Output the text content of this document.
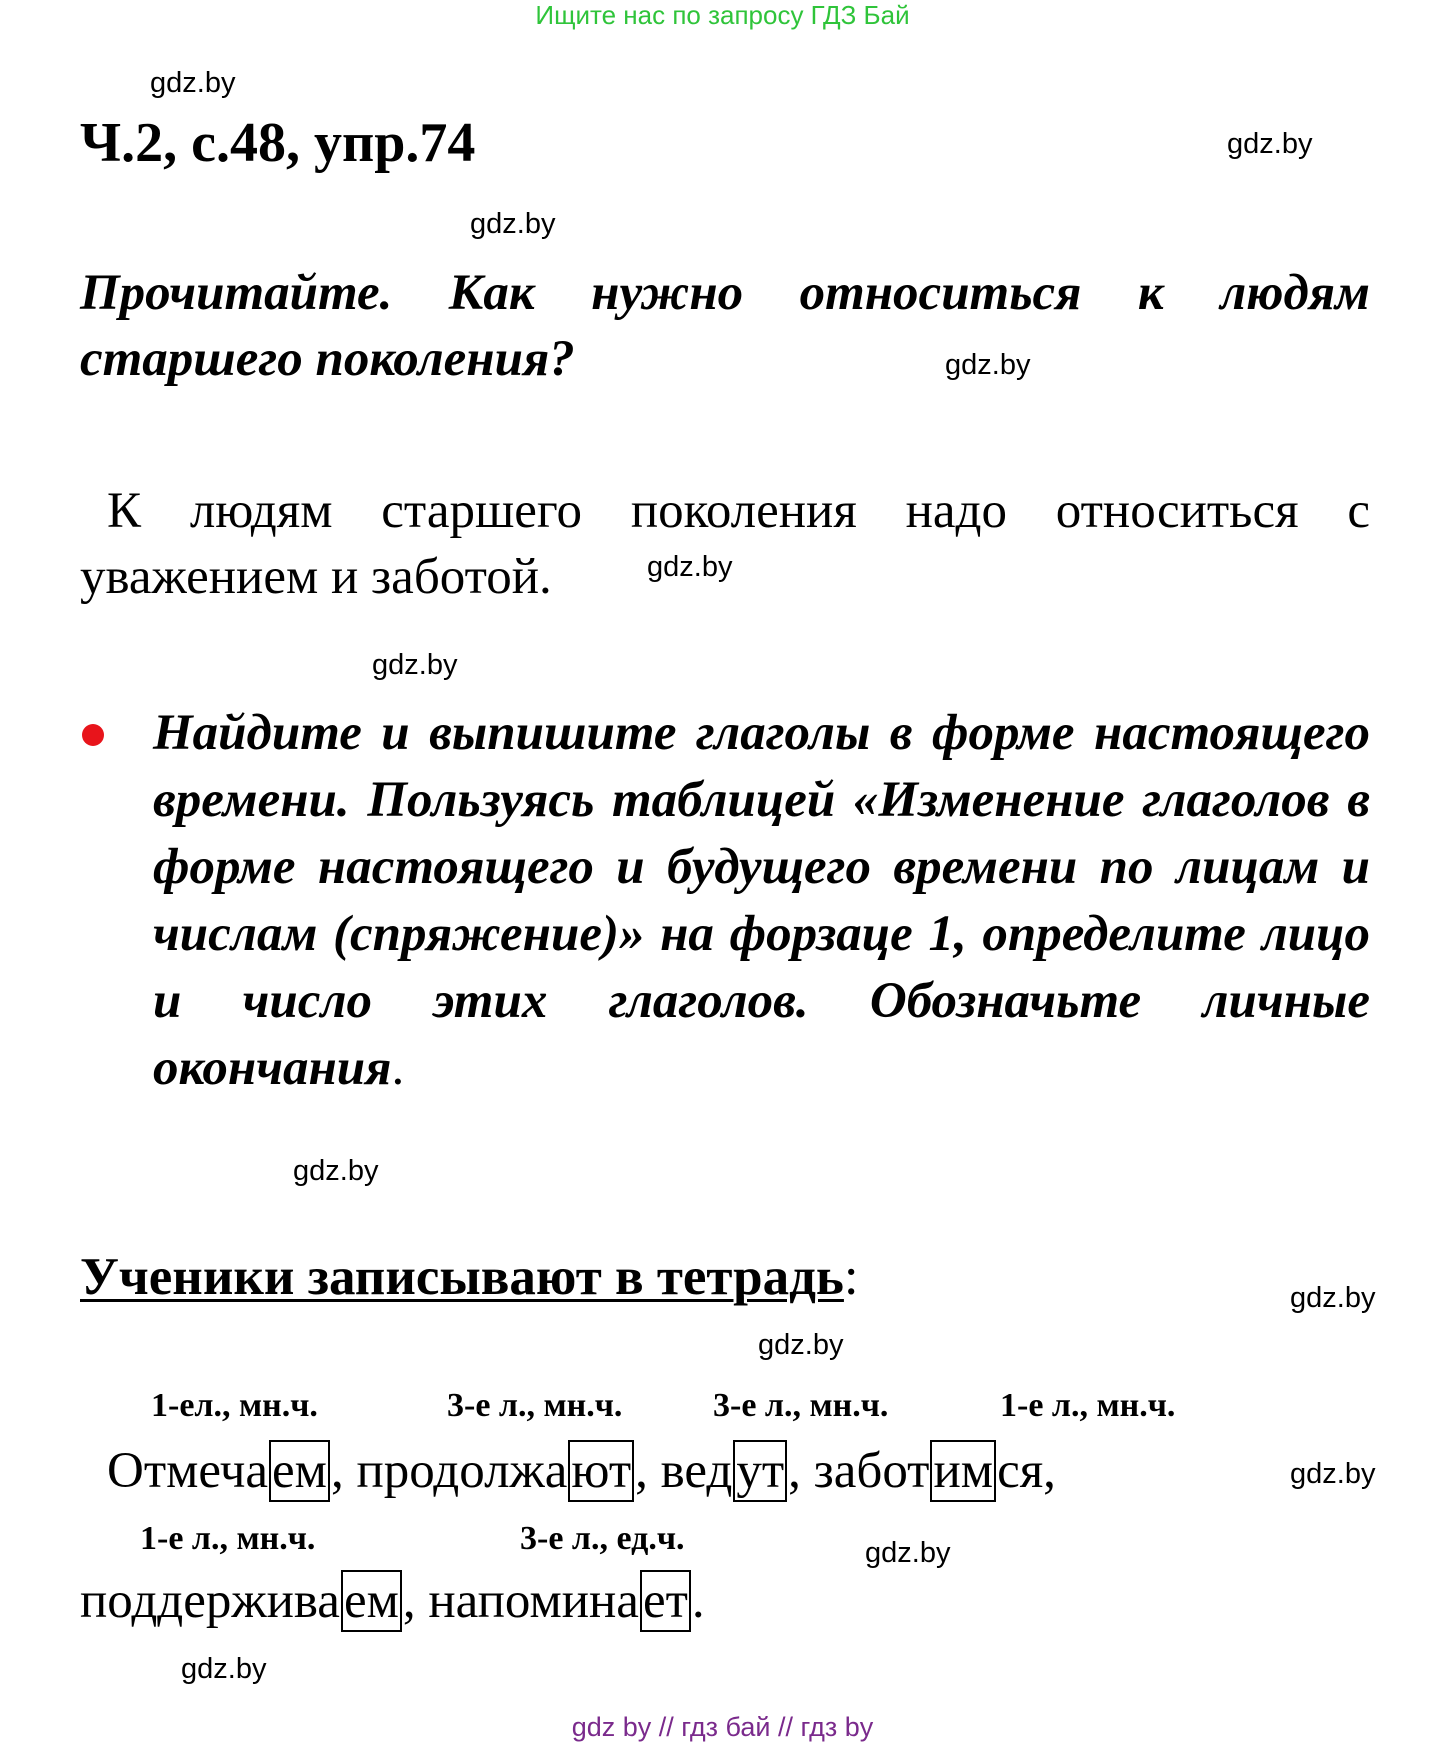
Ищите нас по запросу ГДЗ Бай
gdz.by
gdz.by
gdz.by
gdz.by
gdz.by
gdz.by
gdz.by
gdz.by
gdz.by
gdz.by
gdz.by
gdz.by
Ч.2, с.48, упр.74
Прочитайте. Как нужно относиться к людям старшего поколения?
К людям старшего поколения надо относиться с уважением и заботой.
Найдите и выпишите глаголы в форме настоящего времени. Пользуясь таблицей «Изменение глаголов в форме настоящего и будущего времени по лицам и числам (спряжение)» на форзаце 1, определите лицо и число этих глаголов. Обозначьте личные окончания.
Ученики записывают в тетрадь:
1-ел., мн.ч.	3-е л., мн.ч.	3-е л., мн.ч.	1-е л., мн.ч.
Отмечаем, продолжают, ведут, заботимся,
1-е л., мн.ч.	3-е л., ед.ч.
поддерживаем, напоминает.
gdz by // гдз бай // гдз by
